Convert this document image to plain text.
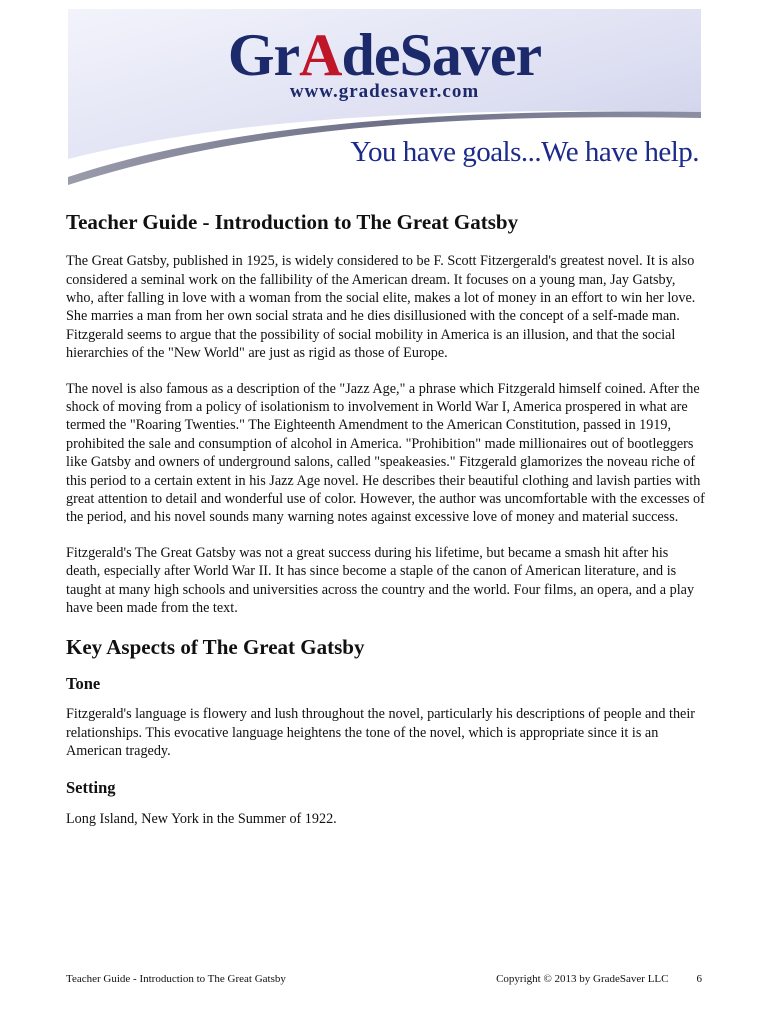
GrAdeSaver
www.gradesaver.com
You have goals...We have help.
Teacher Guide - Introduction to The Great Gatsby

The Great Gatsby, published in 1925, is widely considered to be F. Scott Fitzergerald's greatest novel. It is also considered a seminal work on the fallibility of the American dream. It focuses on a young man, Jay Gatsby, who, after falling in love with a woman from the social elite, makes a lot of money in an effort to win her love. She marries a man from her own social strata and he dies disillusioned with the concept of a self-made man. Fitzgerald seems to argue that the possibility of social mobility in America is an illusion, and that the social hierarchies of the "New World" are just as rigid as those of Europe.

The novel is also famous as a description of the "Jazz Age," a phrase which Fitzgerald himself coined. After the shock of moving from a policy of isolationism to involvement in World War I, America prospered in what are termed the "Roaring Twenties." The Eighteenth Amendment to the American Constitution, passed in 1919, prohibited the sale and consumption of alcohol in America. "Prohibition" made millionaires out of bootleggers like Gatsby and owners of underground salons, called "speakeasies." Fitzgerald glamorizes the noveau riche of this period to a certain extent in his Jazz Age novel. He describes their beautiful clothing and lavish parties with great attention to detail and wonderful use of color. However, the author was uncomfortable with the excesses of the period, and his novel sounds many warning notes against excessive love of money and material success.

Fitzgerald's The Great Gatsby was not a great success during his lifetime, but became a smash hit after his death, especially after World War II. It has since become a staple of the canon of American literature, and is taught at many high schools and universities across the country and the world. Four films, an opera, and a play have been made from the text.

Key Aspects of The Great Gatsby
Tone

Fitzgerald's language is flowery and lush throughout the novel, particularly his descriptions of people and their relationships. This evocative language heightens the tone of the novel, which is appropriate since it is an American tragedy.

Setting

Long Island, New York in the Summer of 1922.

Teacher Guide - Introduction to The Great Gatsby	Copyright © 2013 by GradeSaver LLC	6
